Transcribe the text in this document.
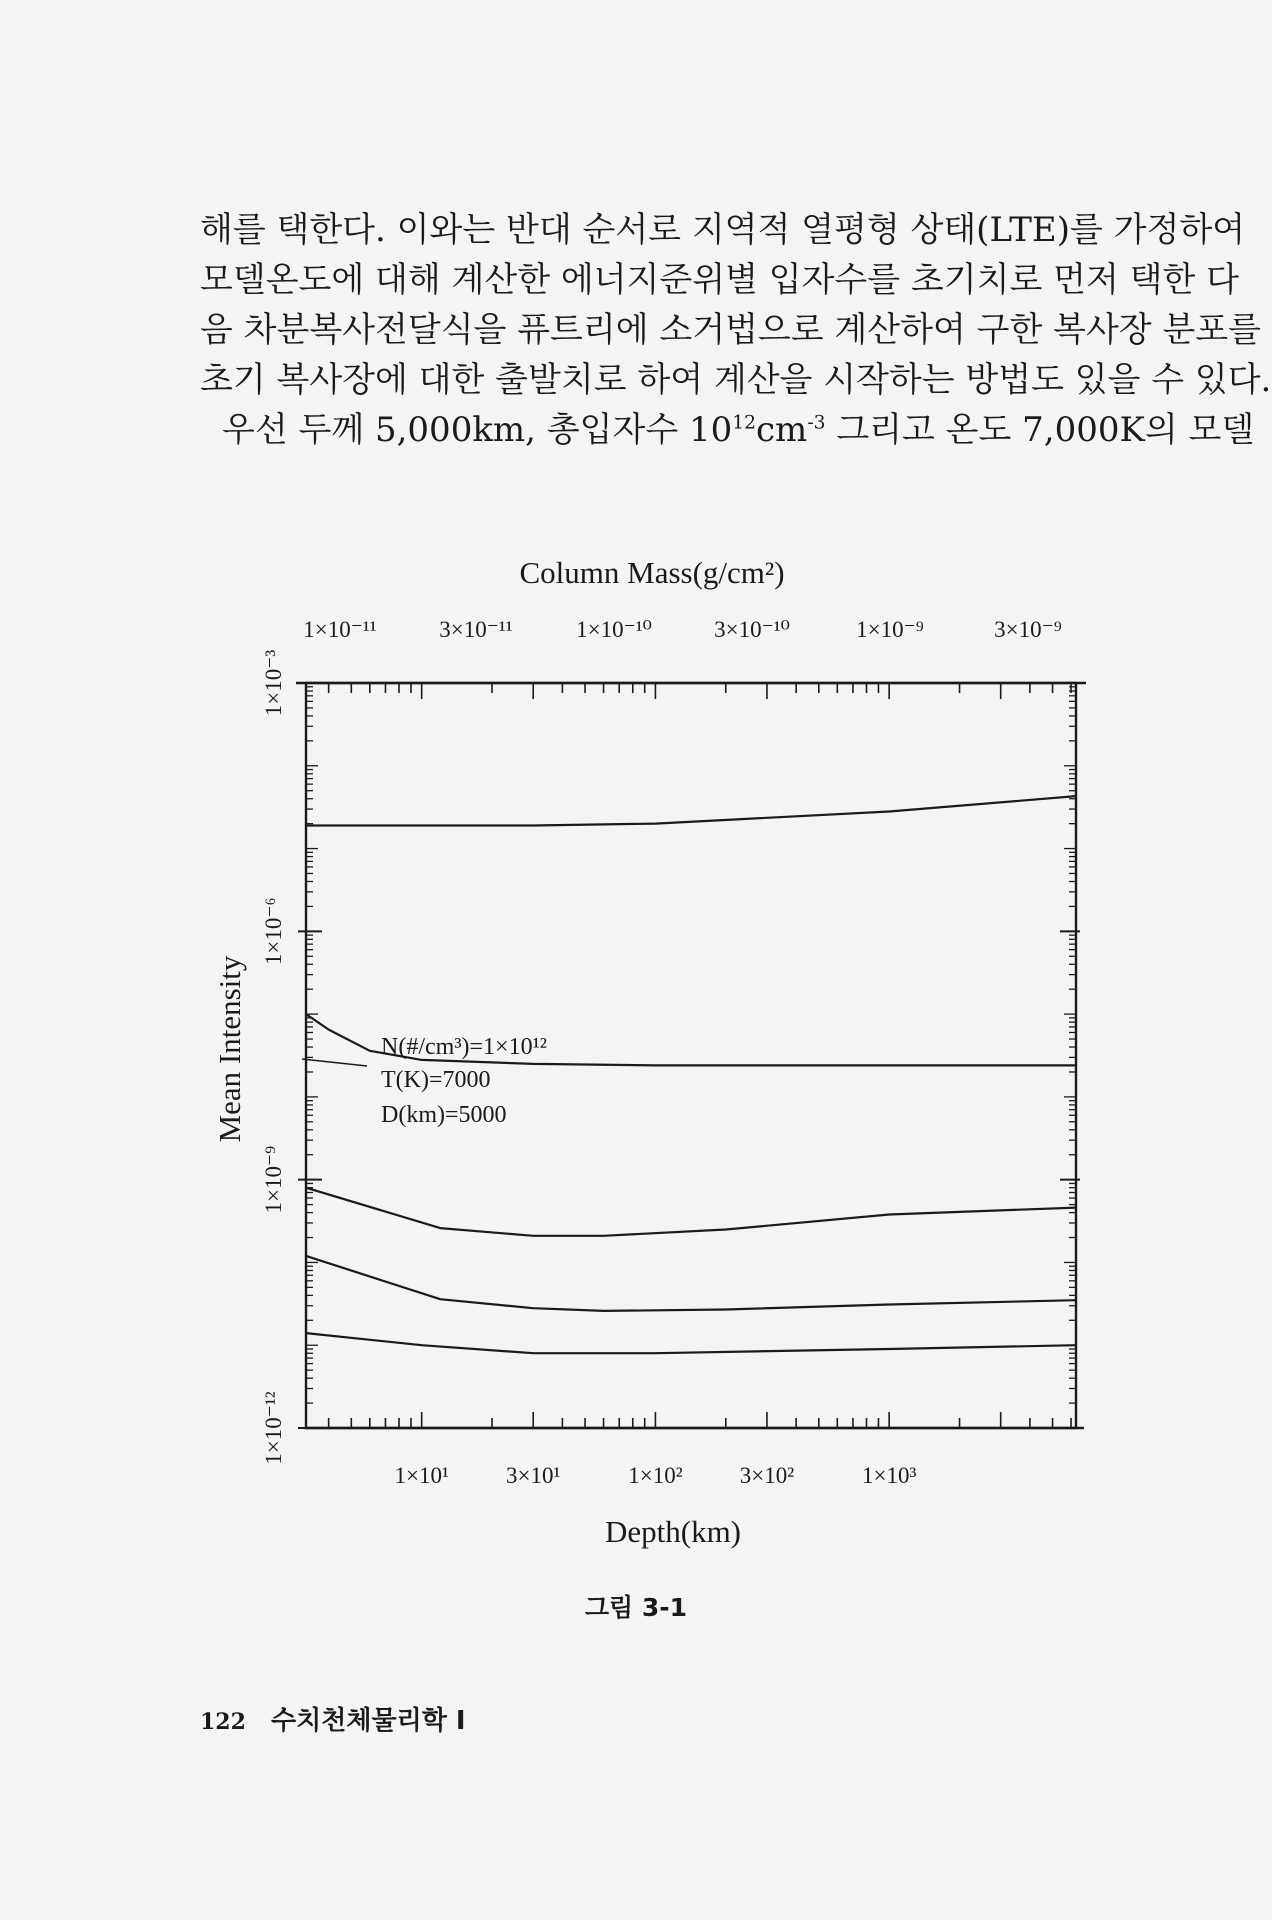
해를 택한다. 이와는 반대 순서로 지역적 열평형 상태(LTE)를 가정하여
모델온도에 대해 계산한 에너지준위별 입자수를 초기치로 먼저 택한 다
음 차분복사전달식을 퓨트리에 소거법으로 계산하여 구한 복사장 분포를
초기 복사장에 대한 출발치로 하여 계산을 시작하는 방법도 있을 수 있다.
우선 두께 5,000km, 총입자수 $10^{12}cm^{-3}$ 그리고 온도 7,000K의 모델
1×10¹ 3×10¹	1×10² 3×10²	1×10³
1×10⁻¹¹	3×10⁻¹¹	1×10⁻¹⁰	3×10⁻¹⁰	1×10⁻⁹	3×10⁻⁹
1×10⁻³
1×10⁻⁶
1×10⁻⁹
1×10⁻¹²
Column Mass(g/cm²)
Depth(km)
Mean Intensity	N(#/cm³)=1×10¹²
T(K)=7000
D(km)=5000
그림 3-1
122 수치천체물리학 I
